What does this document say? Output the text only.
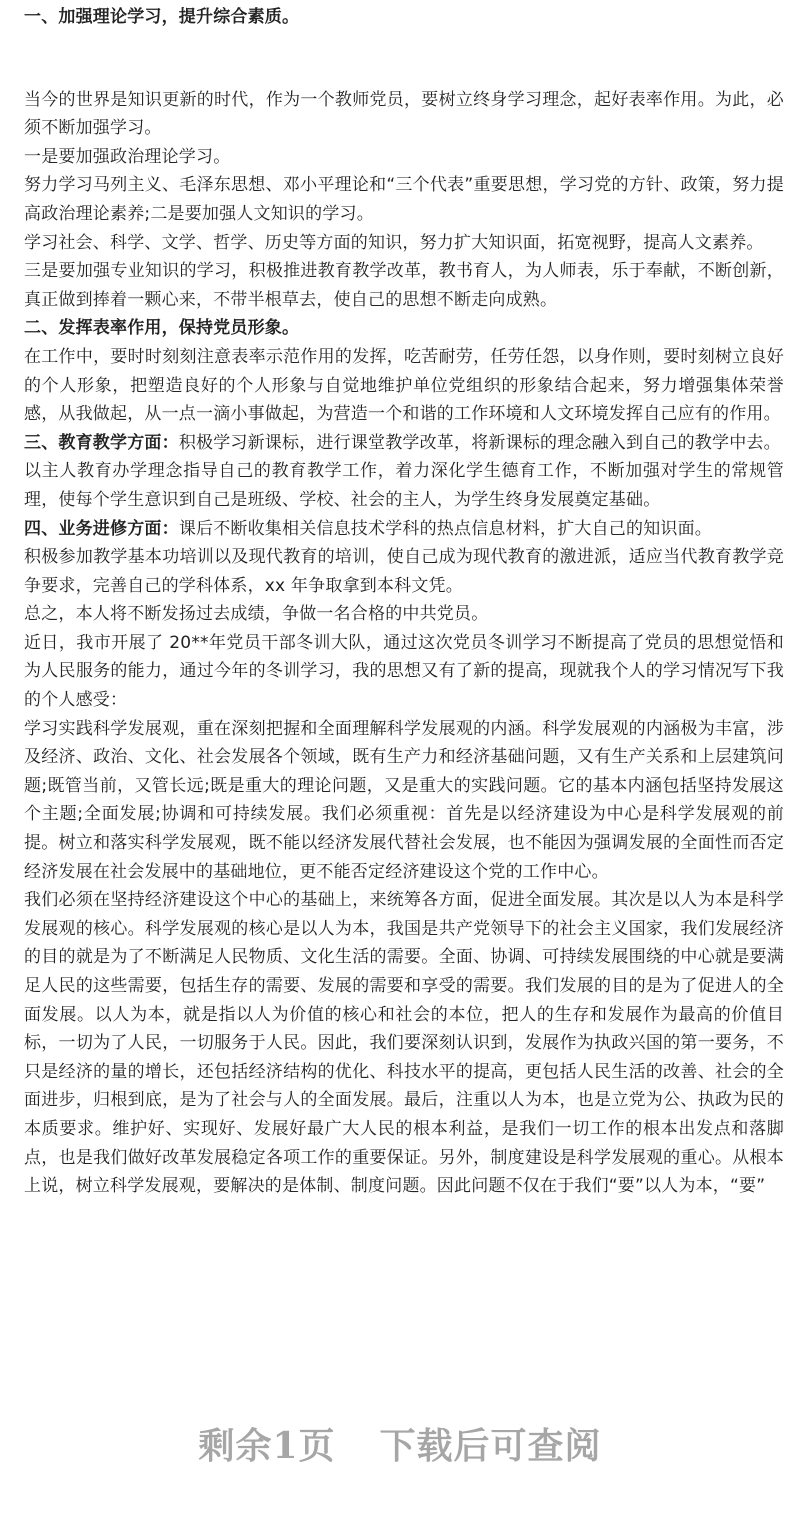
一、加强理论学习，提升综合素质。

当今的世界是知识更新的时代，作为一个教师党员，要树立终身学习理念，起好表率作用。为此，必须不断加强学习。

一是要加强政治理论学习。

努力学习马列主义、毛泽东思想、邓小平理论和“三个代表”重要思想，学习党的方针、政策，努力提高政治理论素养;二是要加强人文知识的学习。

学习社会、科学、文学、哲学、历史等方面的知识，努力扩大知识面，拓宽视野，提高人文素养。

三是要加强专业知识的学习，积极推进教育教学改革，教书育人，为人师表，乐于奉献，不断创新，真正做到捧着一颗心来，不带半根草去，使自己的思想不断走向成熟。

二、发挥表率作用，保持党员形象。

在工作中，要时时刻刻注意表率示范作用的发挥，吃苦耐劳，任劳任怨，以身作则，要时刻树立良好的个人形象，把塑造良好的个人形象与自觉地维护单位党组织的形象结合起来，努力增强集体荣誉感，从我做起，从一点一滴小事做起，为营造一个和谐的工作环境和人文环境发挥自己应有的作用。

三、教育教学方面：积极学习新课标，进行课堂教学改革，将新课标的理念融入到自己的教学中去。

以主人教育办学理念指导自己的教育教学工作，着力深化学生德育工作，不断加强对学生的常规管理，使每个学生意识到自己是班级、学校、社会的主人，为学生终身发展奠定基础。

四、业务进修方面：课后不断收集相关信息技术学科的热点信息材料，扩大自己的知识面。

积极参加教学基本功培训以及现代教育的培训，使自己成为现代教育的激进派，适应当代教育教学竞争要求，完善自己的学科体系，xx 年争取拿到本科文凭。

总之，本人将不断发扬过去成绩，争做一名合格的中共党员。

近日，我市开展了 20**年党员干部冬训大队，通过这次党员冬训学习不断提高了党员的思想觉悟和为人民服务的能力，通过今年的冬训学习，我的思想又有了新的提高，现就我个人的学习情况写下我的个人感受：

学习实践科学发展观，重在深刻把握和全面理解科学发展观的内涵。科学发展观的内涵极为丰富，涉及经济、政治、文化、社会发展各个领域，既有生产力和经济基础问题，又有生产关系和上层建筑问题;既管当前，又管长远;既是重大的理论问题，又是重大的实践问题。它的基本内涵包括坚持发展这个主题;全面发展;协调和可持续发展。我们必须重视：首先是以经济建设为中心是科学发展观的前提。树立和落实科学发展观，既不能以经济发展代替社会发展，也不能因为强调发展的全面性而否定经济发展在社会发展中的基础地位，更不能否定经济建设这个党的工作中心。

我们必须在坚持经济建设这个中心的基础上，来统筹各方面，促进全面发展。其次是以人为本是科学发展观的核心。科学发展观的核心是以人为本，我国是共产党领导下的社会主义国家，我们发展经济的目的就是为了不断满足人民物质、文化生活的需要。全面、协调、可持续发展围绕的中心就是要满足人民的这些需要，包括生存的需要、发展的需要和享受的需要。我们发展的目的是为了促进人的全面发展。以人为本，就是指以人为价值的核心和社会的本位，把人的生存和发展作为最高的价值目标，一切为了人民，一切服务于人民。因此，我们要深刻认识到，发展作为执政兴国的第一要务，不只是经济的量的增长，还包括经济结构的优化、科技水平的提高，更包括人民生活的改善、社会的全面进步，归根到底，是为了社会与人的全面发展。最后，注重以人为本，也是立党为公、执政为民的本质要求。维护好、实现好、发展好最广大人民的根本利益，是我们一切工作的根本出发点和落脚点，也是我们做好改革发展稳定各项工作的重要保证。另外，制度建设是科学发展观的重心。从根本上说，树立科学发展观，要解决的是体制、制度问题。因此问题不仅在于我们“要”以人为本，“要”

剩余1页 下载后可查阅
